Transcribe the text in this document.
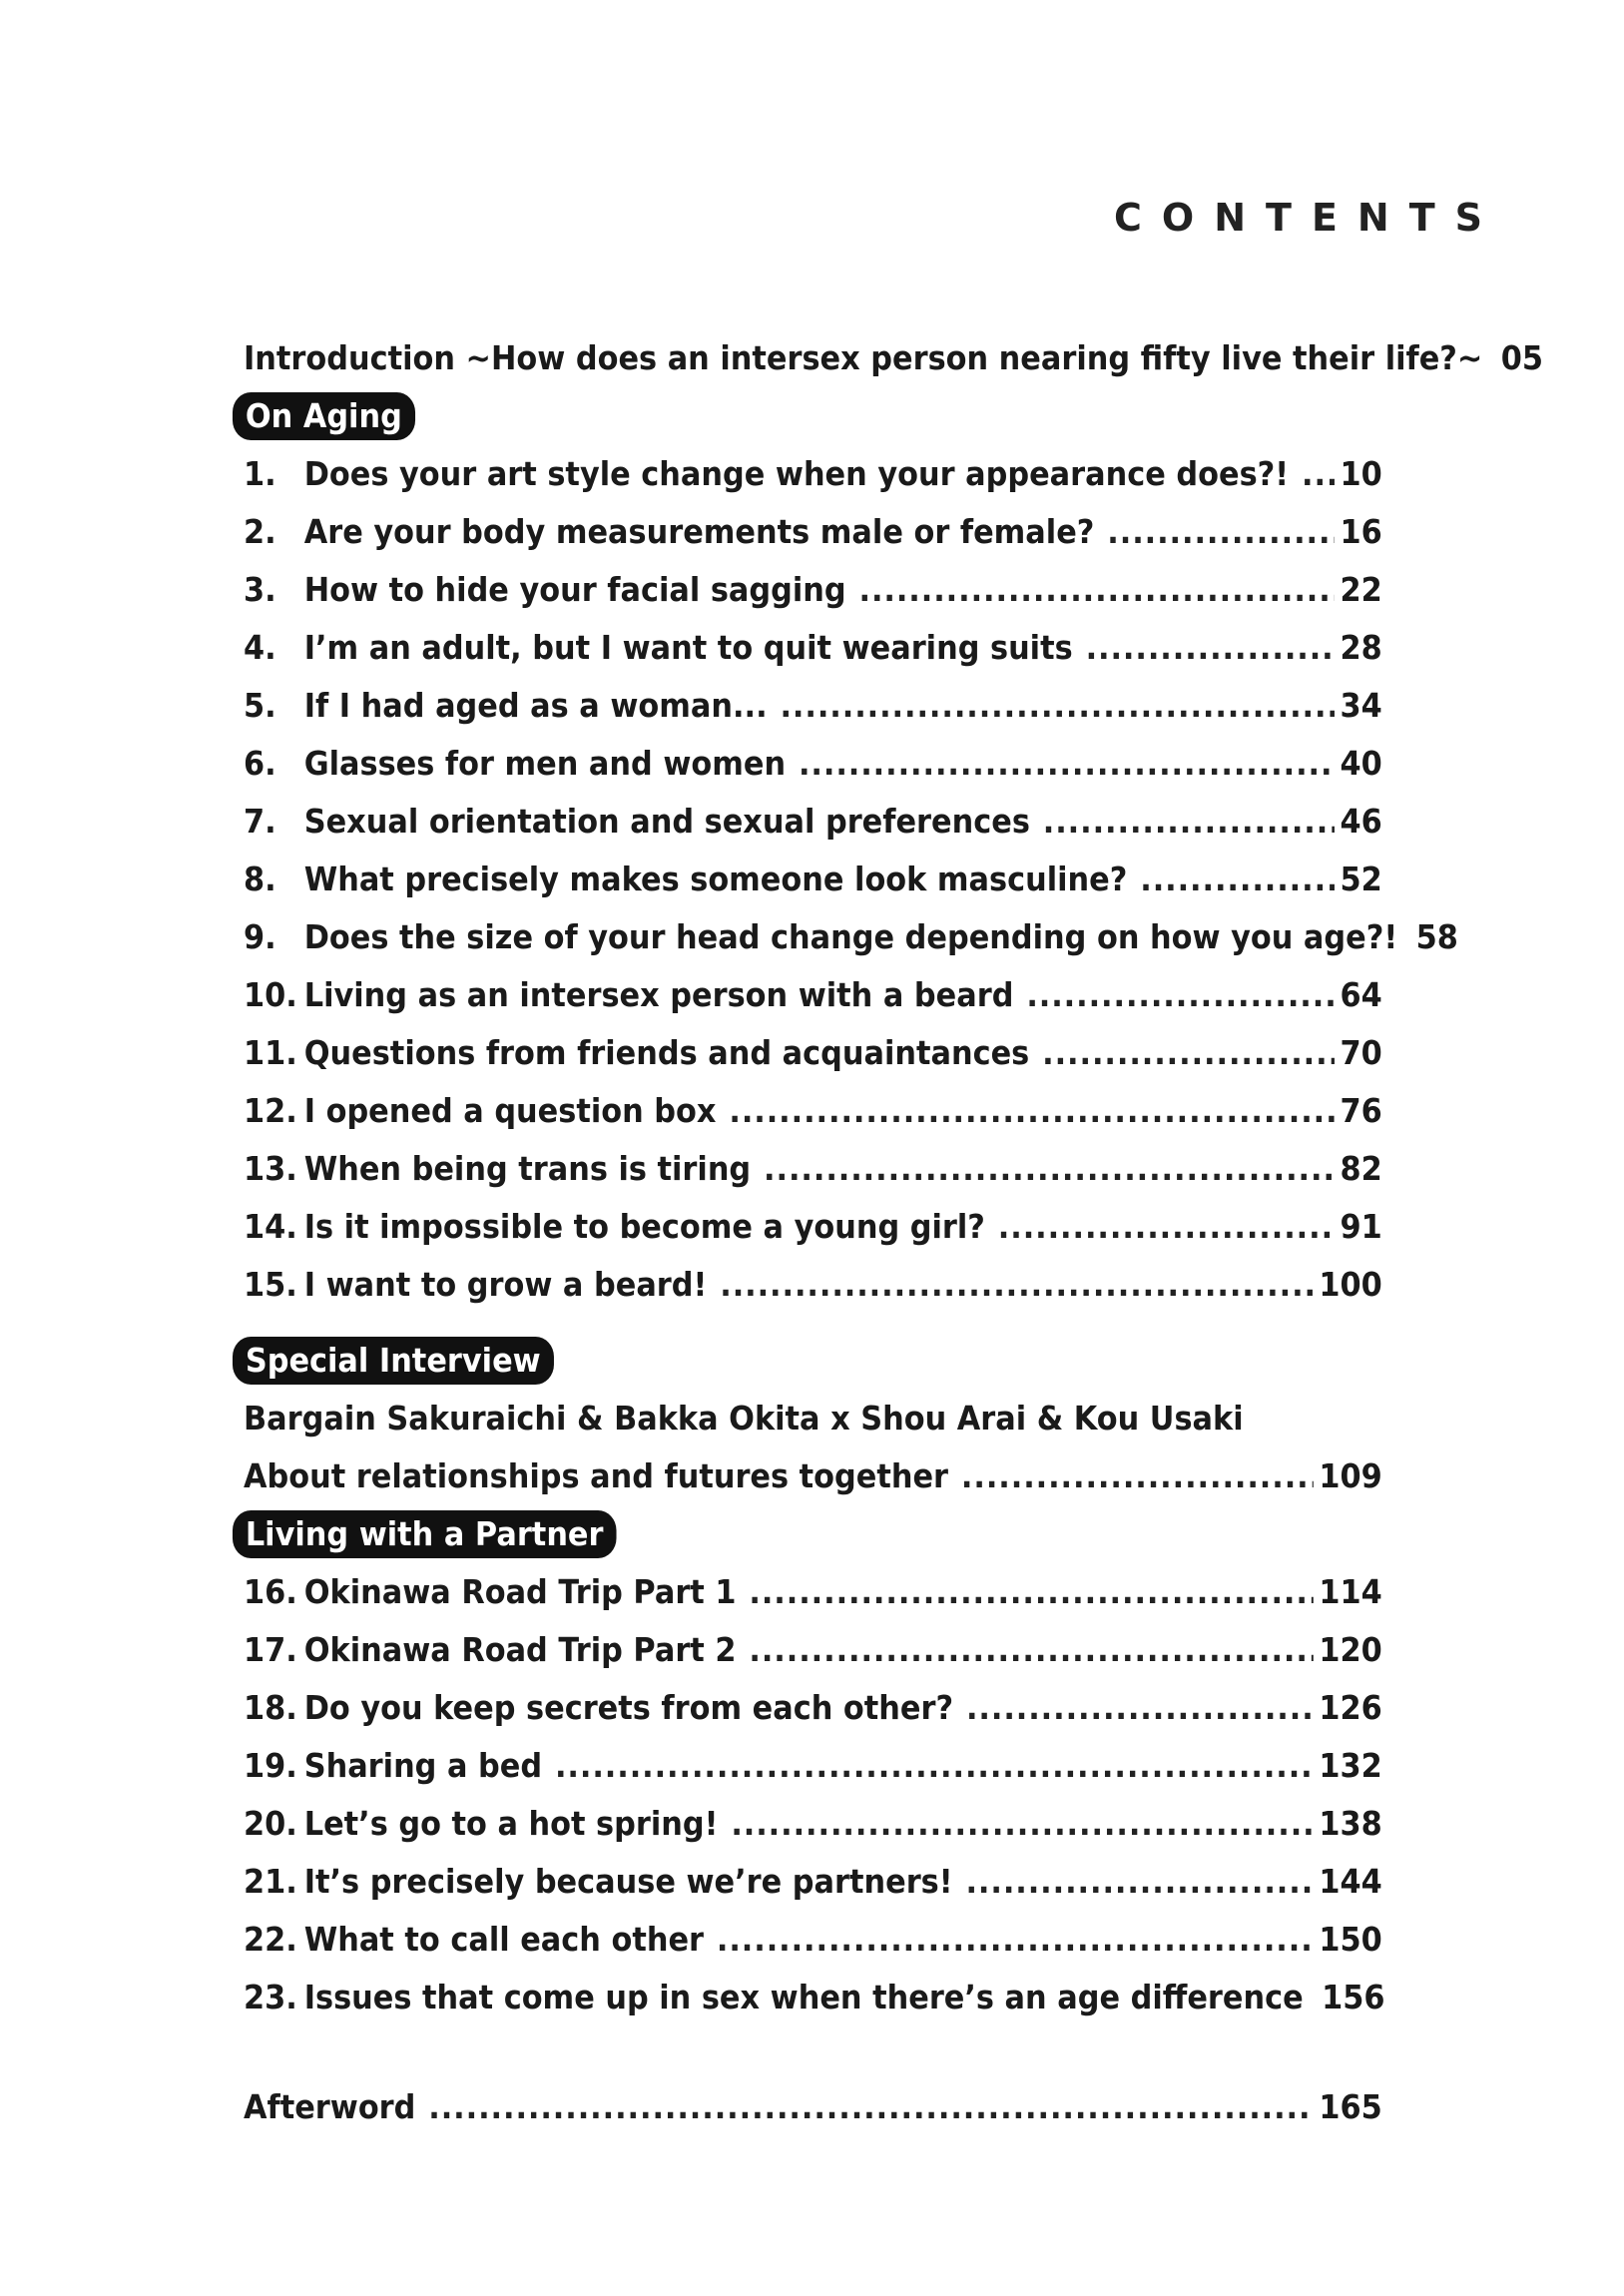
CONTENTS
Introduction ~How does an intersex person nearing fifty live their life?~ 05
On Aging
1. Does your art style change when your appearance does?! ..... 10
2. Are your body measurements male or female? .....	16
3. How to hide your facial sagging .....	22
4. I’m an adult, but I want to quit wearing suits .....	28
5. If I had aged as a woman... .....	34
6. Glasses for men and women .....	40
7. Sexual orientation and sexual preferences .....	46
8. What precisely makes someone look masculine? .....	52
9. Does the size of your head change depending on how you age?! 58
10. Living as an intersex person with a beard .....	64
11. Questions from friends and acquaintances .....	70
12. I opened a question box .....	76
13. When being trans is tiring .....	82
14. Is it impossible to become a young girl? .....	91
15. I want to grow a beard! .....	100
Special Interview
Bargain Sakuraichi & Bakka Okita x Shou Arai & Kou Usaki
About relationships and futures together .....	109
Living with a Partner
16. Okinawa Road Trip Part 1 .....	114
17. Okinawa Road Trip Part 2 .....	120
18. Do you keep secrets from each other? .....	126
19. Sharing a bed .....	132
20. Let’s go to a hot spring! .....	138
21. It’s precisely because we’re partners! .....	144
22. What to call each other .....	150
23. Issues that come up in sex when there’s an age difference 156
Afterword .....	165
